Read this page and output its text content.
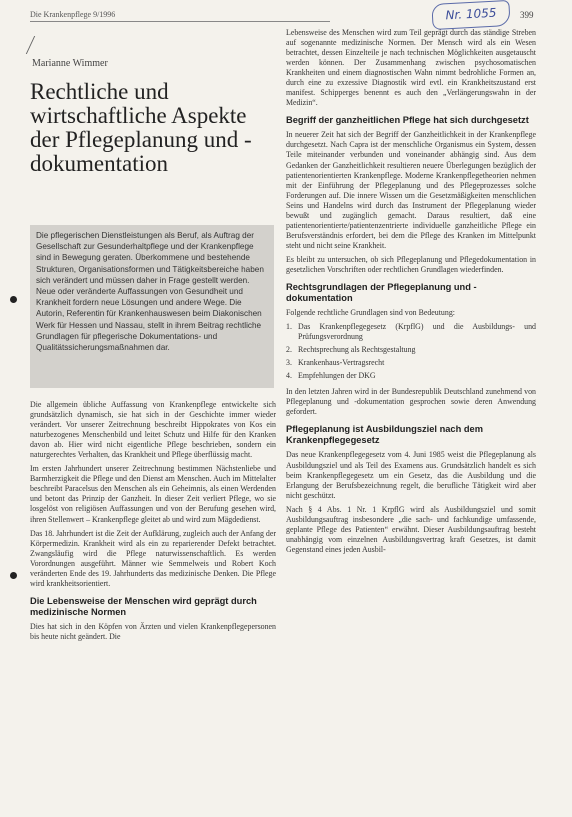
Die Krankenpflege 9/1996	399
Nr. 1055
Marianne Wimmer
Rechtliche und wirtschaftliche Aspekte der Pflegeplanung und -dokumentation
Die pflegerischen Dienstleistungen als Beruf, als Auftrag der Gesellschaft zur Gesunderhaltpflege und der Krankenpflege sind in Bewegung geraten. Überkommene und bestehende Strukturen, Organisationsformen und Tätigkeitsbereiche haben sich verändert und müssen daher in Frage gestellt werden. Neue oder veränderte Auffassungen von Gesundheit und Krankheit fordern neue Lösungen und andere Wege. Die Autorin, Referentin für Krankenhauswesen beim Diakonischen Werk für Hessen und Nassau, stellt in ihrem Beitrag rechtliche Grundlagen für pflegerische Dokumentations- und Qualitätssicherungsmaßnahmen dar.

Die allgemein übliche Auffassung von Krankenpflege entwickelte sich grundsätzlich dynamisch, sie hat sich in der Geschichte immer wieder verändert. Vor unserer Zeitrechnung beschreibt Hippokrates von Kos ein naturbezogenes Menschenbild und leitet Schutz und Hilfe für den Kranken davon ab. Hier wird nicht eigentliche Pflege beschrieben, sondern ein naturgerechtes Verhalten, das Krankheit und Pflege überflüssig macht.

Im ersten Jahrhundert unserer Zeitrechnung bestimmen Nächstenliebe und Barmherzigkeit die Pflege und den Dienst am Menschen. Auch im Mittelalter beschreibt Paracelsus den Menschen als ein Geheimnis, als einen Werdenden und betont das Prinzip der Ganzheit. In dieser Zeit verliert Pflege, wo sie losgelöst von religiösen Auffassungen und von der Berufung gesehen wird, ihren Stellenwert – Krankenpflege gleitet ab und wird zum Mägdedienst.

Das 18. Jahrhundert ist die Zeit der Aufklärung, zugleich auch der Anfang der Körpermedizin. Krankheit wird als ein zu reparierender Defekt betrachtet. Zwangsläufig wird die Pflege naturwissenschaftlich. Es werden Vorordnungen ausgeführt. Männer wie Semmelweis und Robert Koch veränderten Ende des 19. Jahrhunderts das medizinische Denken. Die Pflege wird krankheitsorientiert.

Die Lebensweise der Menschen wird geprägt durch medizinische Normen

Dies hat sich in den Köpfen von Ärzten und vielen Krankenpflegepersonen bis heute nicht geändert. Die

Lebensweise des Menschen wird zum Teil geprägt durch das ständige Streben auf sogenannte medizinische Normen. Der Mensch wird als ein Wesen betrachtet, dessen Einzelteile je nach technischen Möglichkeiten ausgetauscht werden können. Der Zusammenhang zwischen psychosomatischen Krankheiten und einem diagnostischen Wahn nimmt bedrohliche Formen an, durch eine zu exzessive Diagnostik wird evtl. ein Krankheitszustand erst manifest. Schipperges benennt es auch den „Verlängerungswahn in der Medizin“.

Begriff der ganzheitlichen Pflege hat sich durchgesetzt

In neuerer Zeit hat sich der Begriff der Ganzheitlichkeit in der Krankenpflege durchgesetzt. Nach Capra ist der menschliche Organismus ein System, dessen Teile miteinander verbunden und voneinander abhängig sind. Aus dem Gedanken der Ganzheitlichkeit resultieren neuere Überlegungen bezüglich der patientenorientierten Krankenpflege. Moderne Krankenpflegetheorien nehmen mit der Einführung der Pflegeplanung und des Pflegeprozesses solche Forderungen auf. Die innere Wissen um die Gesetzmäßigkeiten menschlichen Seins und Handelns wird durch das Instrument der Pflegeplanung wieder bewußt und zugänglich gemacht. Daraus resultiert, daß eine patientenorientierte/patientenzentrierte individuelle ganzheitliche Pflege ein Berufsverständnis erfordert, bei dem die Pflege des Kranken im Mittelpunkt steht und nicht seine Krankheit.

Es bleibt zu untersuchen, ob sich Pflegeplanung und Pflegedokumentation in gesetzlichen Vorschriften oder rechtlichen Grundlagen wiederfinden.

Rechtsgrundlagen der Pflegeplanung und -dokumentation

Folgende rechtliche Grundlagen sind von Bedeutung:

1. Das Krankenpflegegesetz (KrpflG) und die Ausbildungs- und Prüfungsverordnung
2. Rechtsprechung als Rechtsgestaltung
3. Krankenhaus-Vertragsrecht
4. Empfehlungen der DKG

In den letzten Jahren wird in der Bundesrepublik Deutschland zunehmend von Pflegeplanung und -dokumentation gesprochen sowie deren Anwendung gefordert.

Pflegeplanung ist Ausbildungsziel nach dem Krankenpflegegesetz

Das neue Krankenpflegegesetz vom 4. Juni 1985 weist die Pflegeplanung als Ausbildungsziel und als Teil des Examens aus. Grundsätzlich handelt es sich beim Krankenpflegegesetz um ein Gesetz, das die Ausbildung und die Erlangung der Berufsbezeichnung regelt, die berufliche Tätigkeit wird aber nicht geschützt.

Nach § 4 Abs. 1 Nr. 1 KrpflG wird als Ausbildungsziel und somit Ausbildungsauftrag insbesondere „die sach- und fachkundige umfassende, geplante Pflege des Patienten“ erwähnt. Dieser Ausbildungsauftrag besteht unabhängig vom einzelnen Ausbildungsvertrag kraft Gesetzes, ist damit Gegenstand eines jeden Ausbil-
